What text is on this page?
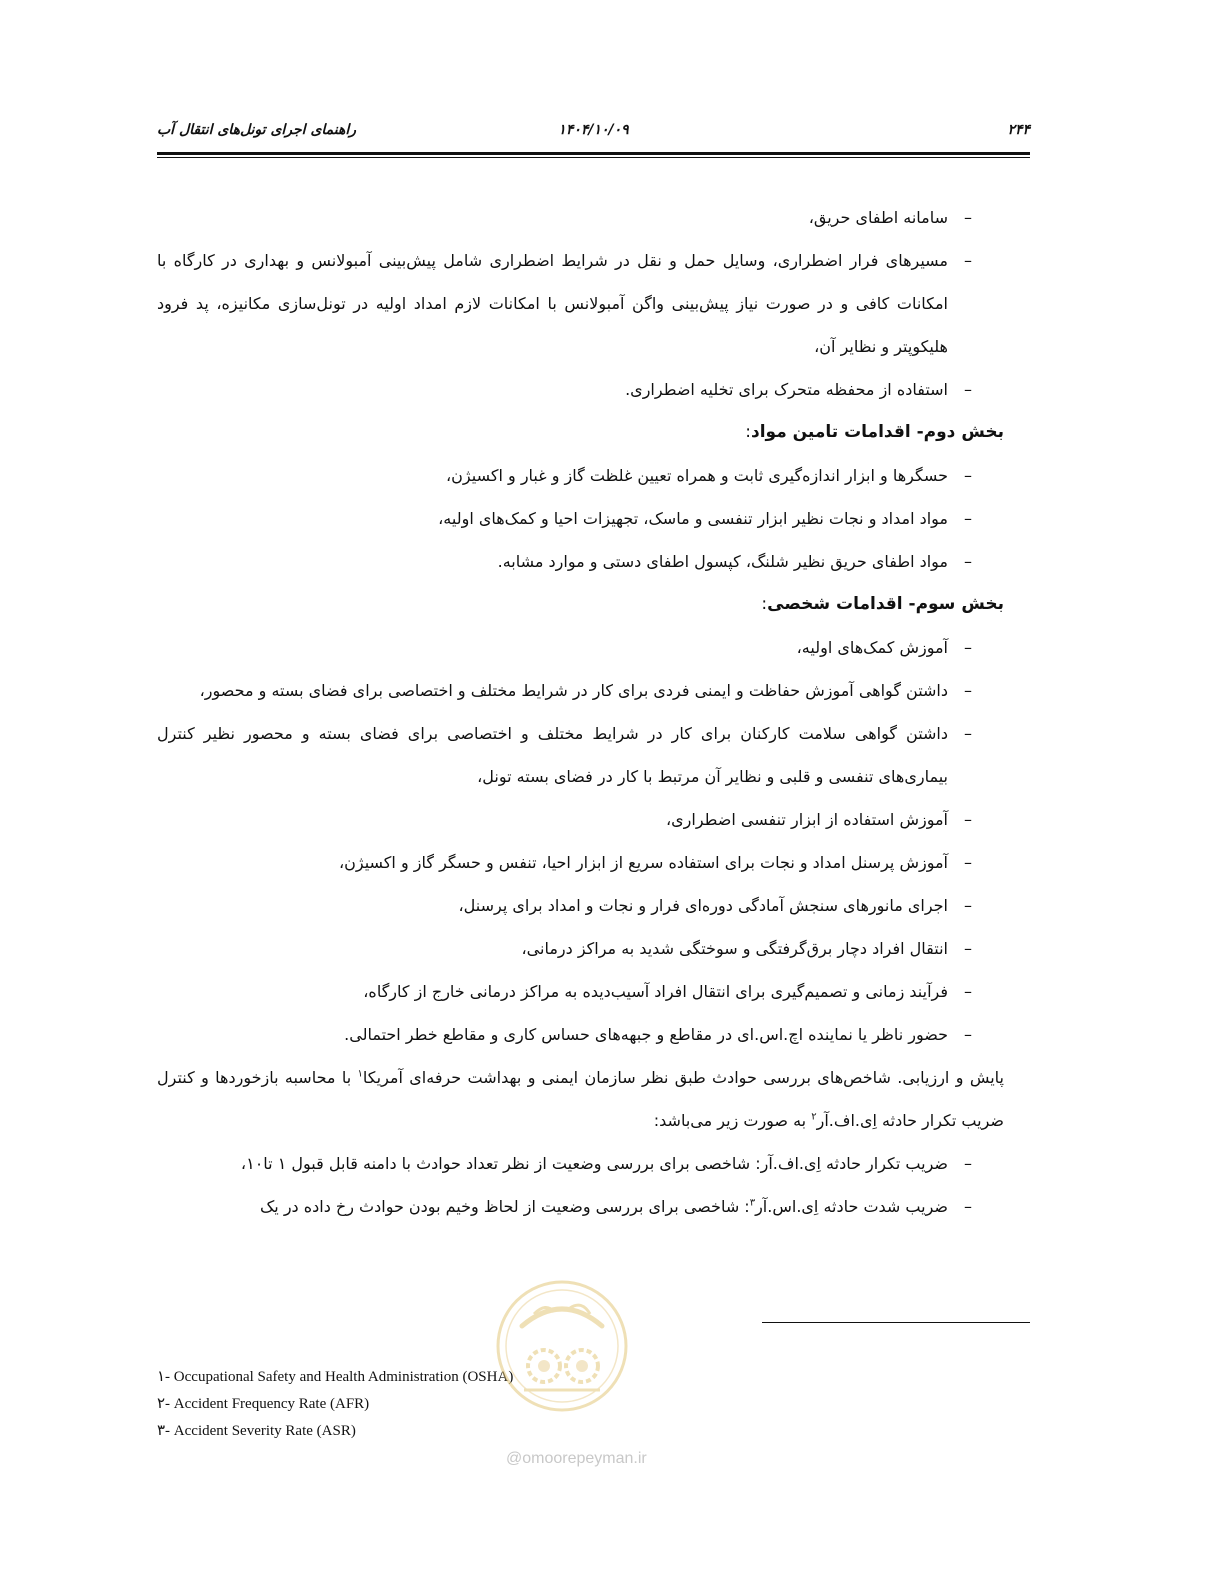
۲۴۴
۱۴۰۴/۱۰/۰۹
راهنمای اجرای تونل‌های انتقال آب
–
سامانه اطفای حریق،
–
مسیرهای فرار اضطراری، وسایل حمل و نقل در شرایط اضطراری شامل پیش‌بینی آمبولانس و بهداری در کارگاه با امکانات کافی و در صورت نیاز پیش‌بینی واگن آمبولانس با امکانات لازم امداد اولیه در تونل‌سازی مکانیزه، پد فرود هلیکوپتر و نظایر آن،
–
استفاده از محفظه متحرک برای تخلیه اضطراری.
بخش دوم- اقدامات تامین مواد:
–
حسگرها و ابزار اندازه‌گیری ثابت و همراه تعیین غلظت گاز و غبار و اکسیژن،
–
مواد امداد و نجات نظیر ابزار تنفسی و ماسک، تجهیزات احیا و کمک‌های اولیه،
–
مواد اطفای حریق نظیر شلنگ، کپسول اطفای دستی و موارد مشابه.
بخش سوم- اقدامات شخصی:
–
آموزش کمک‌های اولیه،
–
داشتن گواهی آموزش حفاظت و ایمنی فردی برای کار در شرایط مختلف و اختصاصی برای فضای بسته و محصور،
–
داشتن گواهی سلامت کارکنان برای کار در شرایط مختلف و اختصاصی برای فضای بسته و محصور نظیر کنترل بیماری‌های تنفسی و قلبی و نظایر آن مرتبط با کار در فضای بسته تونل،
–
آموزش استفاده از ابزار تنفسی اضطراری،
–
آموزش پرسنل امداد و نجات برای استفاده سریع از ابزار احیا، تنفس و حسگر گاز و اکسیژن،
–
اجرای مانورهای سنجش آمادگی دوره‌ای فرار و نجات و امداد برای پرسنل،
–
انتقال افراد دچار برق‌گرفتگی و سوختگی شدید به مراکز درمانی،
–
فرآیند زمانی و تصمیم‌گیری برای انتقال افراد آسیب‌دیده به مراکز درمانی خارج از کارگاه،
–
حضور ناظر یا نماینده اچ.اس.ای در مقاطع و جبهه‌های حساس کاری و مقاطع خطر احتمالی.
پایش و ارزیابی. شاخص‌های بررسی حوادث طبق نظر سازمان ایمنی و بهداشت حرفه‌ای آمریکا$^۱$ با محاسبه بازخوردها و کنترل ضریب تکرار حادثه اِی.اف.آر$^۲$ به صورت زیر می‌باشد:
–
ضریب تکرار حادثه اِی.اف.آر: شاخصی برای بررسی وضعیت از نظر تعداد حوادث با دامنه قابل قبول ۱ تا۱۰،
–
ضریب شدت حادثه اِی.اس.آر$^۳$: شاخصی برای بررسی وضعیت از لحاظ وخیم بودن حوادث رخ داده در یک
۱- Occupational Safety and Health Administration (OSHA)
۲- Accident Frequency Rate (AFR)
۳- Accident Severity Rate (ASR)
@omoorepeyman.ir
